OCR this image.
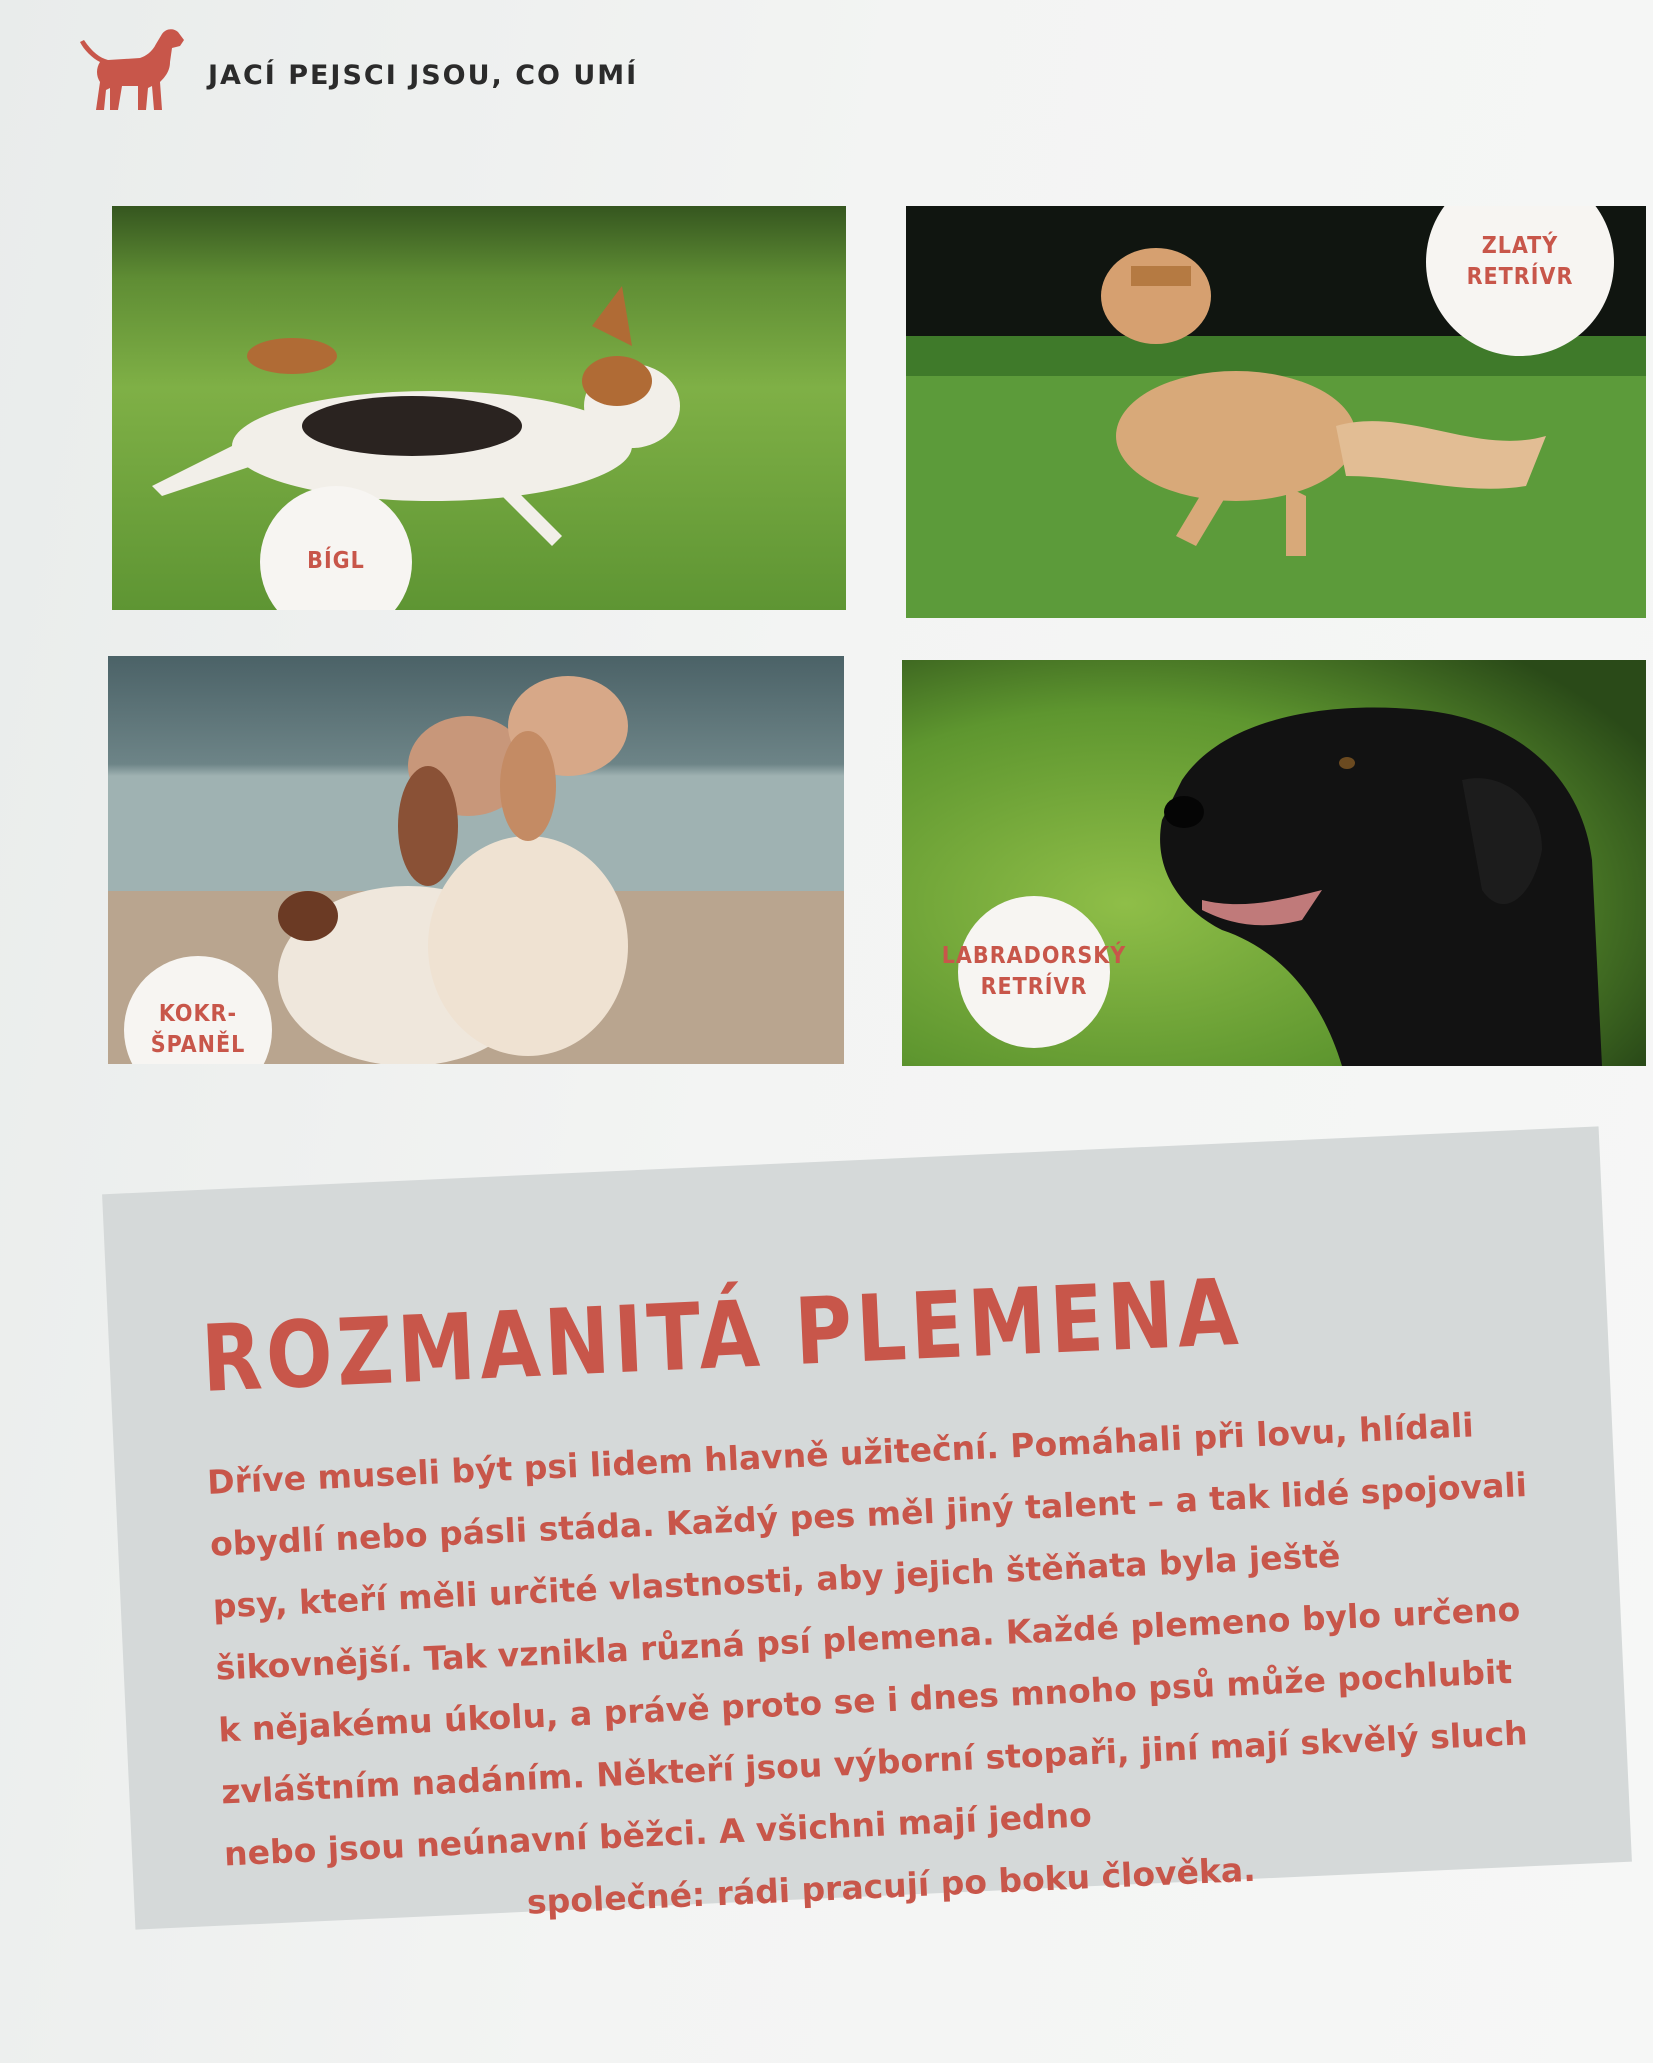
JACÍ PEJSCI JSOU, CO UMÍ
BÍGL
ZLATÝ
RETRÍVR
KOKR-
ŠPANĚL
LABRADORSKÝ
RETRÍVR
ROZMANITÁ PLEMENA

Dříve museli být psi lidem hlavně užiteční. Pomáhali při lovu, hlídali obydlí nebo pásli stáda. Každý pes měl jiný talent – a tak lidé spojovali psy, kteří měli určité vlastnosti, aby jejich štěňata byla ještě šikovnější. Tak vznikla různá psí plemena. Každé plemeno bylo určeno k nějakému úkolu, a právě proto se i dnes mnoho psů může pochlubit zvláštním nadáním. Někteří jsou výborní stopaři, jiní mají skvělý sluch nebo jsou neúnavní běžci. A všichni mají jedno
společné: rádi pracují po boku člověka.
